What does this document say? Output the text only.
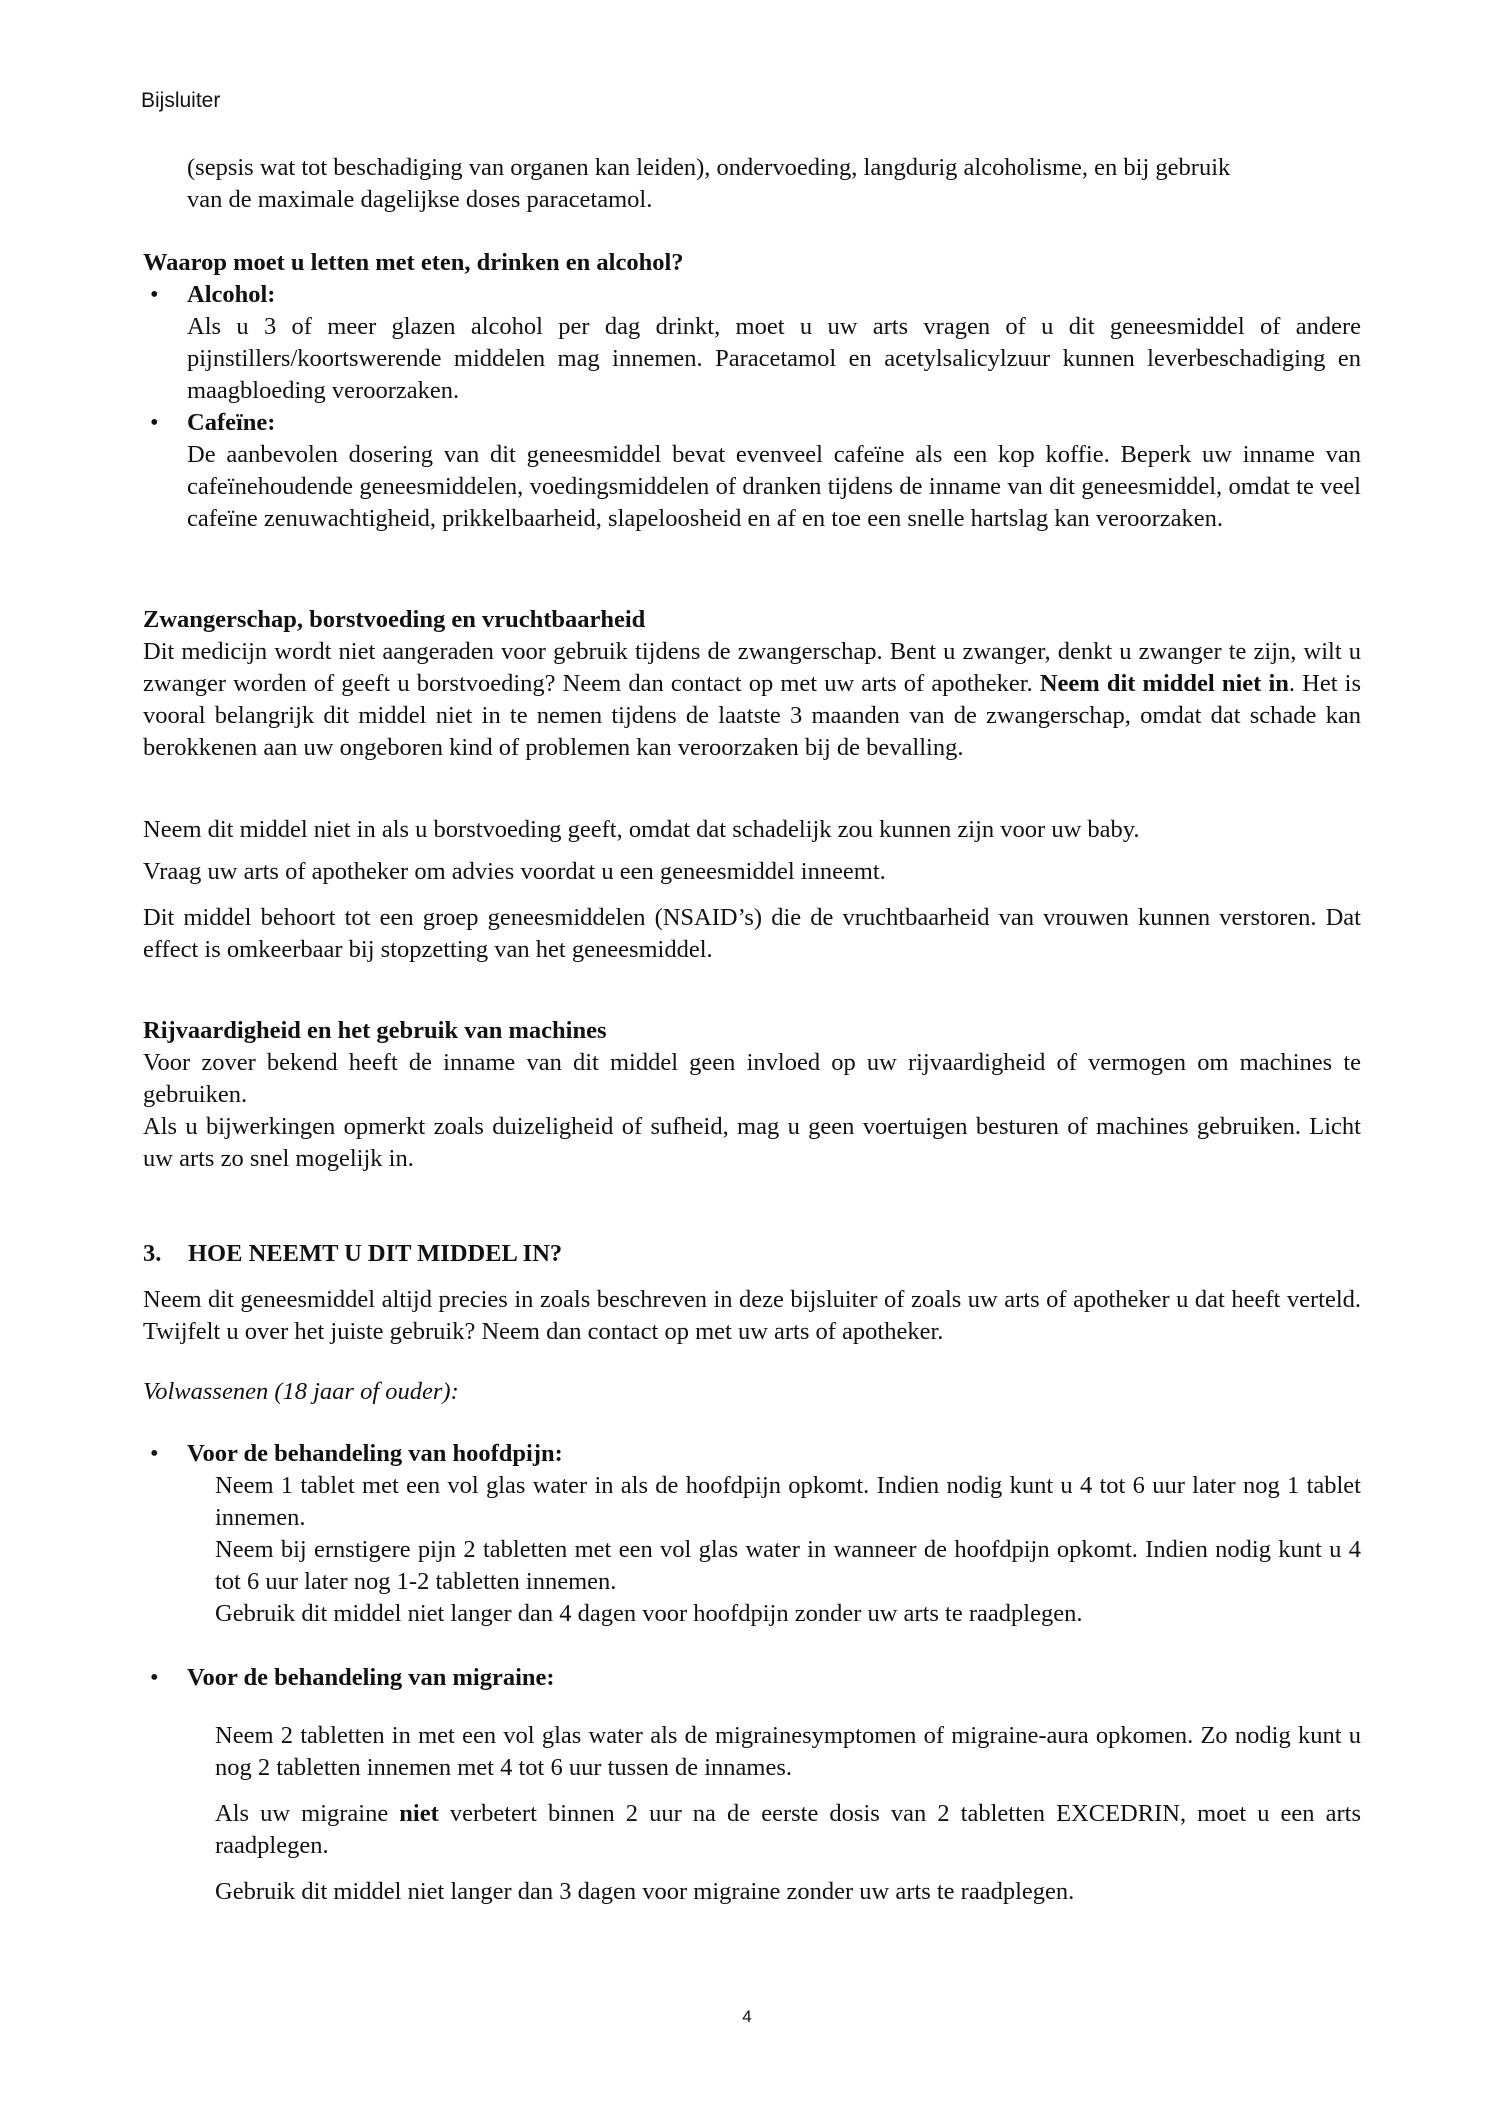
Bijsluiter

(sepsis wat tot beschadiging van organen kan leiden), ondervoeding, langdurig alcoholisme, en bij gebruik

van de maximale dagelijkse doses paracetamol.

Waarop moet u letten met eten, drinken en alcohol?

• Alcohol:

Als u 3 of meer glazen alcohol per dag drinkt, moet u uw arts vragen of u dit geneesmiddel of andere pijnstillers/koortswerende middelen mag innemen. Paracetamol en acetylsalicylzuur kunnen leverbeschadiging en maagbloeding veroorzaken.

• Cafeïne:

De aanbevolen dosering van dit geneesmiddel bevat evenveel cafeïne als een kop koffie. Beperk uw inname van cafeïnehoudende geneesmiddelen, voedingsmiddelen of dranken tijdens de inname van dit geneesmiddel, omdat te veel cafeïne zenuwachtigheid, prikkelbaarheid, slapeloosheid en af en toe een snelle hartslag kan veroorzaken.

Zwangerschap, borstvoeding en vruchtbaarheid

Dit medicijn wordt niet aangeraden voor gebruik tijdens de zwangerschap. Bent u zwanger, denkt u zwanger te zijn, wilt u zwanger worden of geeft u borstvoeding? Neem dan contact op met uw arts of apotheker. Neem dit middel niet in. Het is vooral belangrijk dit middel niet in te nemen tijdens de laatste 3 maanden van de zwangerschap, omdat dat schade kan berokkenen aan uw ongeboren kind of problemen kan veroorzaken bij de bevalling.

Neem dit middel niet in als u borstvoeding geeft, omdat dat schadelijk zou kunnen zijn voor uw baby.
Vraag uw arts of apotheker om advies voordat u een geneesmiddel inneemt.
Dit middel behoort tot een groep geneesmiddelen (NSAID’s) die de vruchtbaarheid van vrouwen kunnen verstoren. Dat effect is omkeerbaar bij stopzetting van het geneesmiddel.

Rijvaardigheid en het gebruik van machines

Voor zover bekend heeft de inname van dit middel geen invloed op uw rijvaardigheid of vermogen om machines te gebruiken.

Als u bijwerkingen opmerkt zoals duizeligheid of sufheid, mag u geen voertuigen besturen of machines gebruiken. Licht uw arts zo snel mogelijk in.

3. HOE NEEMT U DIT MIDDEL IN?

Neem dit geneesmiddel altijd precies in zoals beschreven in deze bijsluiter of zoals uw arts of apotheker u dat heeft verteld. Twijfelt u over het juiste gebruik? Neem dan contact op met uw arts of apotheker.
Volwassenen (18 jaar of ouder):
• Voor de behandeling van hoofdpijn:

Neem 1 tablet met een vol glas water in als de hoofdpijn opkomt. Indien nodig kunt u 4 tot 6 uur later nog 1 tablet innemen.

Neem bij ernstigere pijn 2 tabletten met een vol glas water in wanneer de hoofdpijn opkomt. Indien nodig kunt u 4 tot 6 uur later nog 1-2 tabletten innemen.

Gebruik dit middel niet langer dan 4 dagen voor hoofdpijn zonder uw arts te raadplegen.

• Voor de behandeling van migraine:

Neem 2 tabletten in met een vol glas water als de migrainesymptomen of migraine-aura opkomen. Zo nodig kunt u nog 2 tabletten innemen met 4 tot 6 uur tussen de innames.

Als uw migraine niet verbetert binnen 2 uur na de eerste dosis van 2 tabletten EXCEDRIN, moet u een arts raadplegen.

Gebruik dit middel niet langer dan 3 dagen voor migraine zonder uw arts te raadplegen.

4
